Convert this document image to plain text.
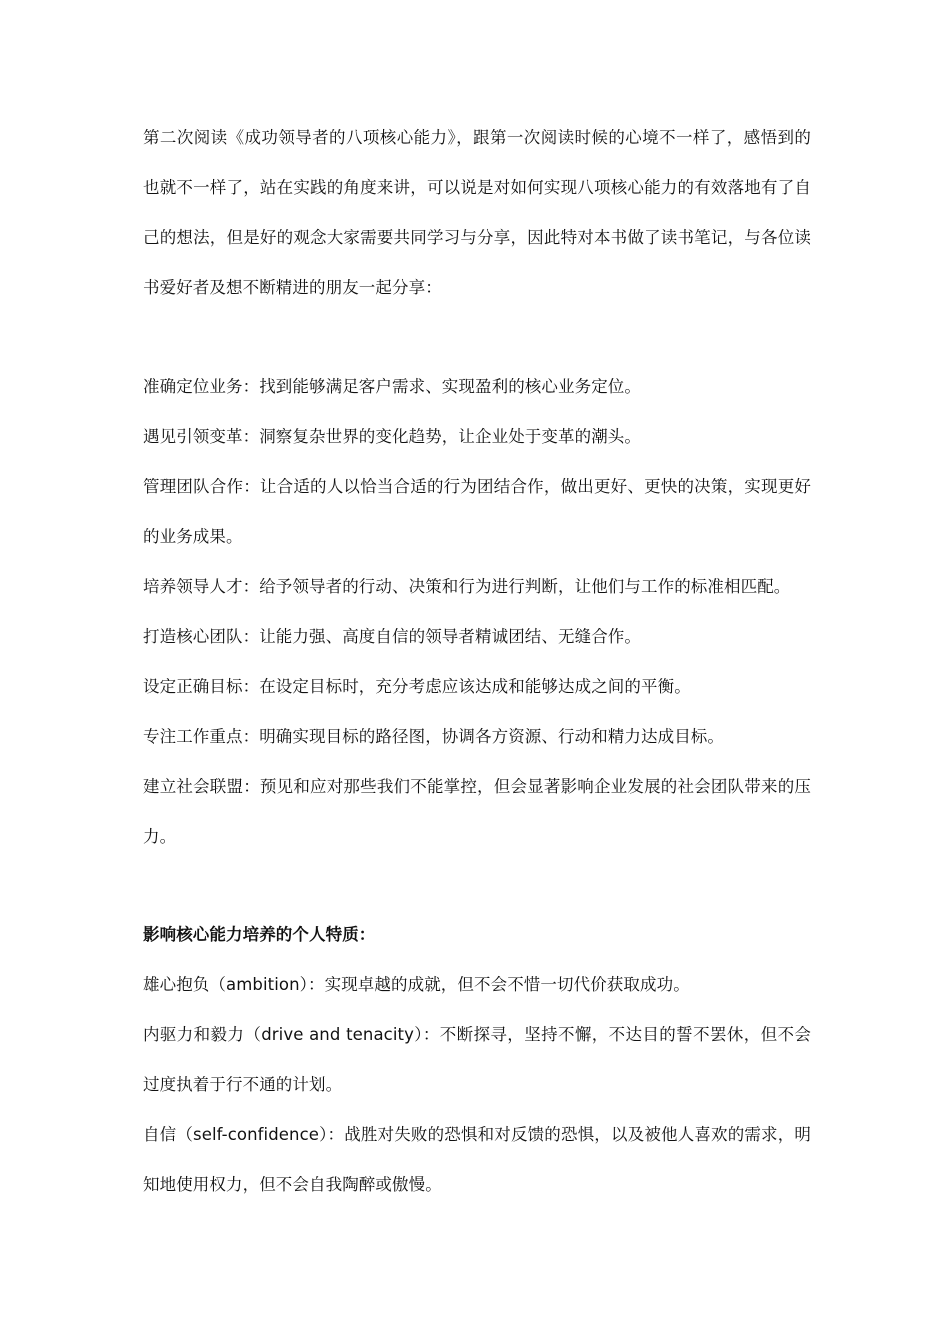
第二次阅读《成功领导者的八项核心能力》，跟第一次阅读时候的心境不一样了，感悟到的也就不一样了，站在实践的角度来讲，可以说是对如何实现八项核心能力的有效落地有了自己的想法，但是好的观念大家需要共同学习与分享，因此特对本书做了读书笔记，与各位读书爱好者及想不断精进的朋友一起分享：

准确定位业务：找到能够满足客户需求、实现盈利的核心业务定位。

遇见引领变革：洞察复杂世界的变化趋势，让企业处于变革的潮头。

管理团队合作：让合适的人以恰当合适的行为团结合作，做出更好、更快的决策，实现更好的业务成果。

培养领导人才：给予领导者的行动、决策和行为进行判断，让他们与工作的标准相匹配。

打造核心团队：让能力强、高度自信的领导者精诚团结、无缝合作。

设定正确目标：在设定目标时，充分考虑应该达成和能够达成之间的平衡。

专注工作重点：明确实现目标的路径图，协调各方资源、行动和精力达成目标。

建立社会联盟：预见和应对那些我们不能掌控，但会显著影响企业发展的社会团队带来的压力。

影响核心能力培养的个人特质：

雄心抱负（ambition）：实现卓越的成就，但不会不惜一切代价获取成功。

内驱力和毅力（drive and tenacity）：不断探寻，坚持不懈，不达目的誓不罢休，但不会过度执着于行不通的计划。

自信（self-confidence）：战胜对失败的恐惧和对反馈的恐惧，以及被他人喜欢的需求，明知地使用权力，但不会自我陶醉或傲慢。
